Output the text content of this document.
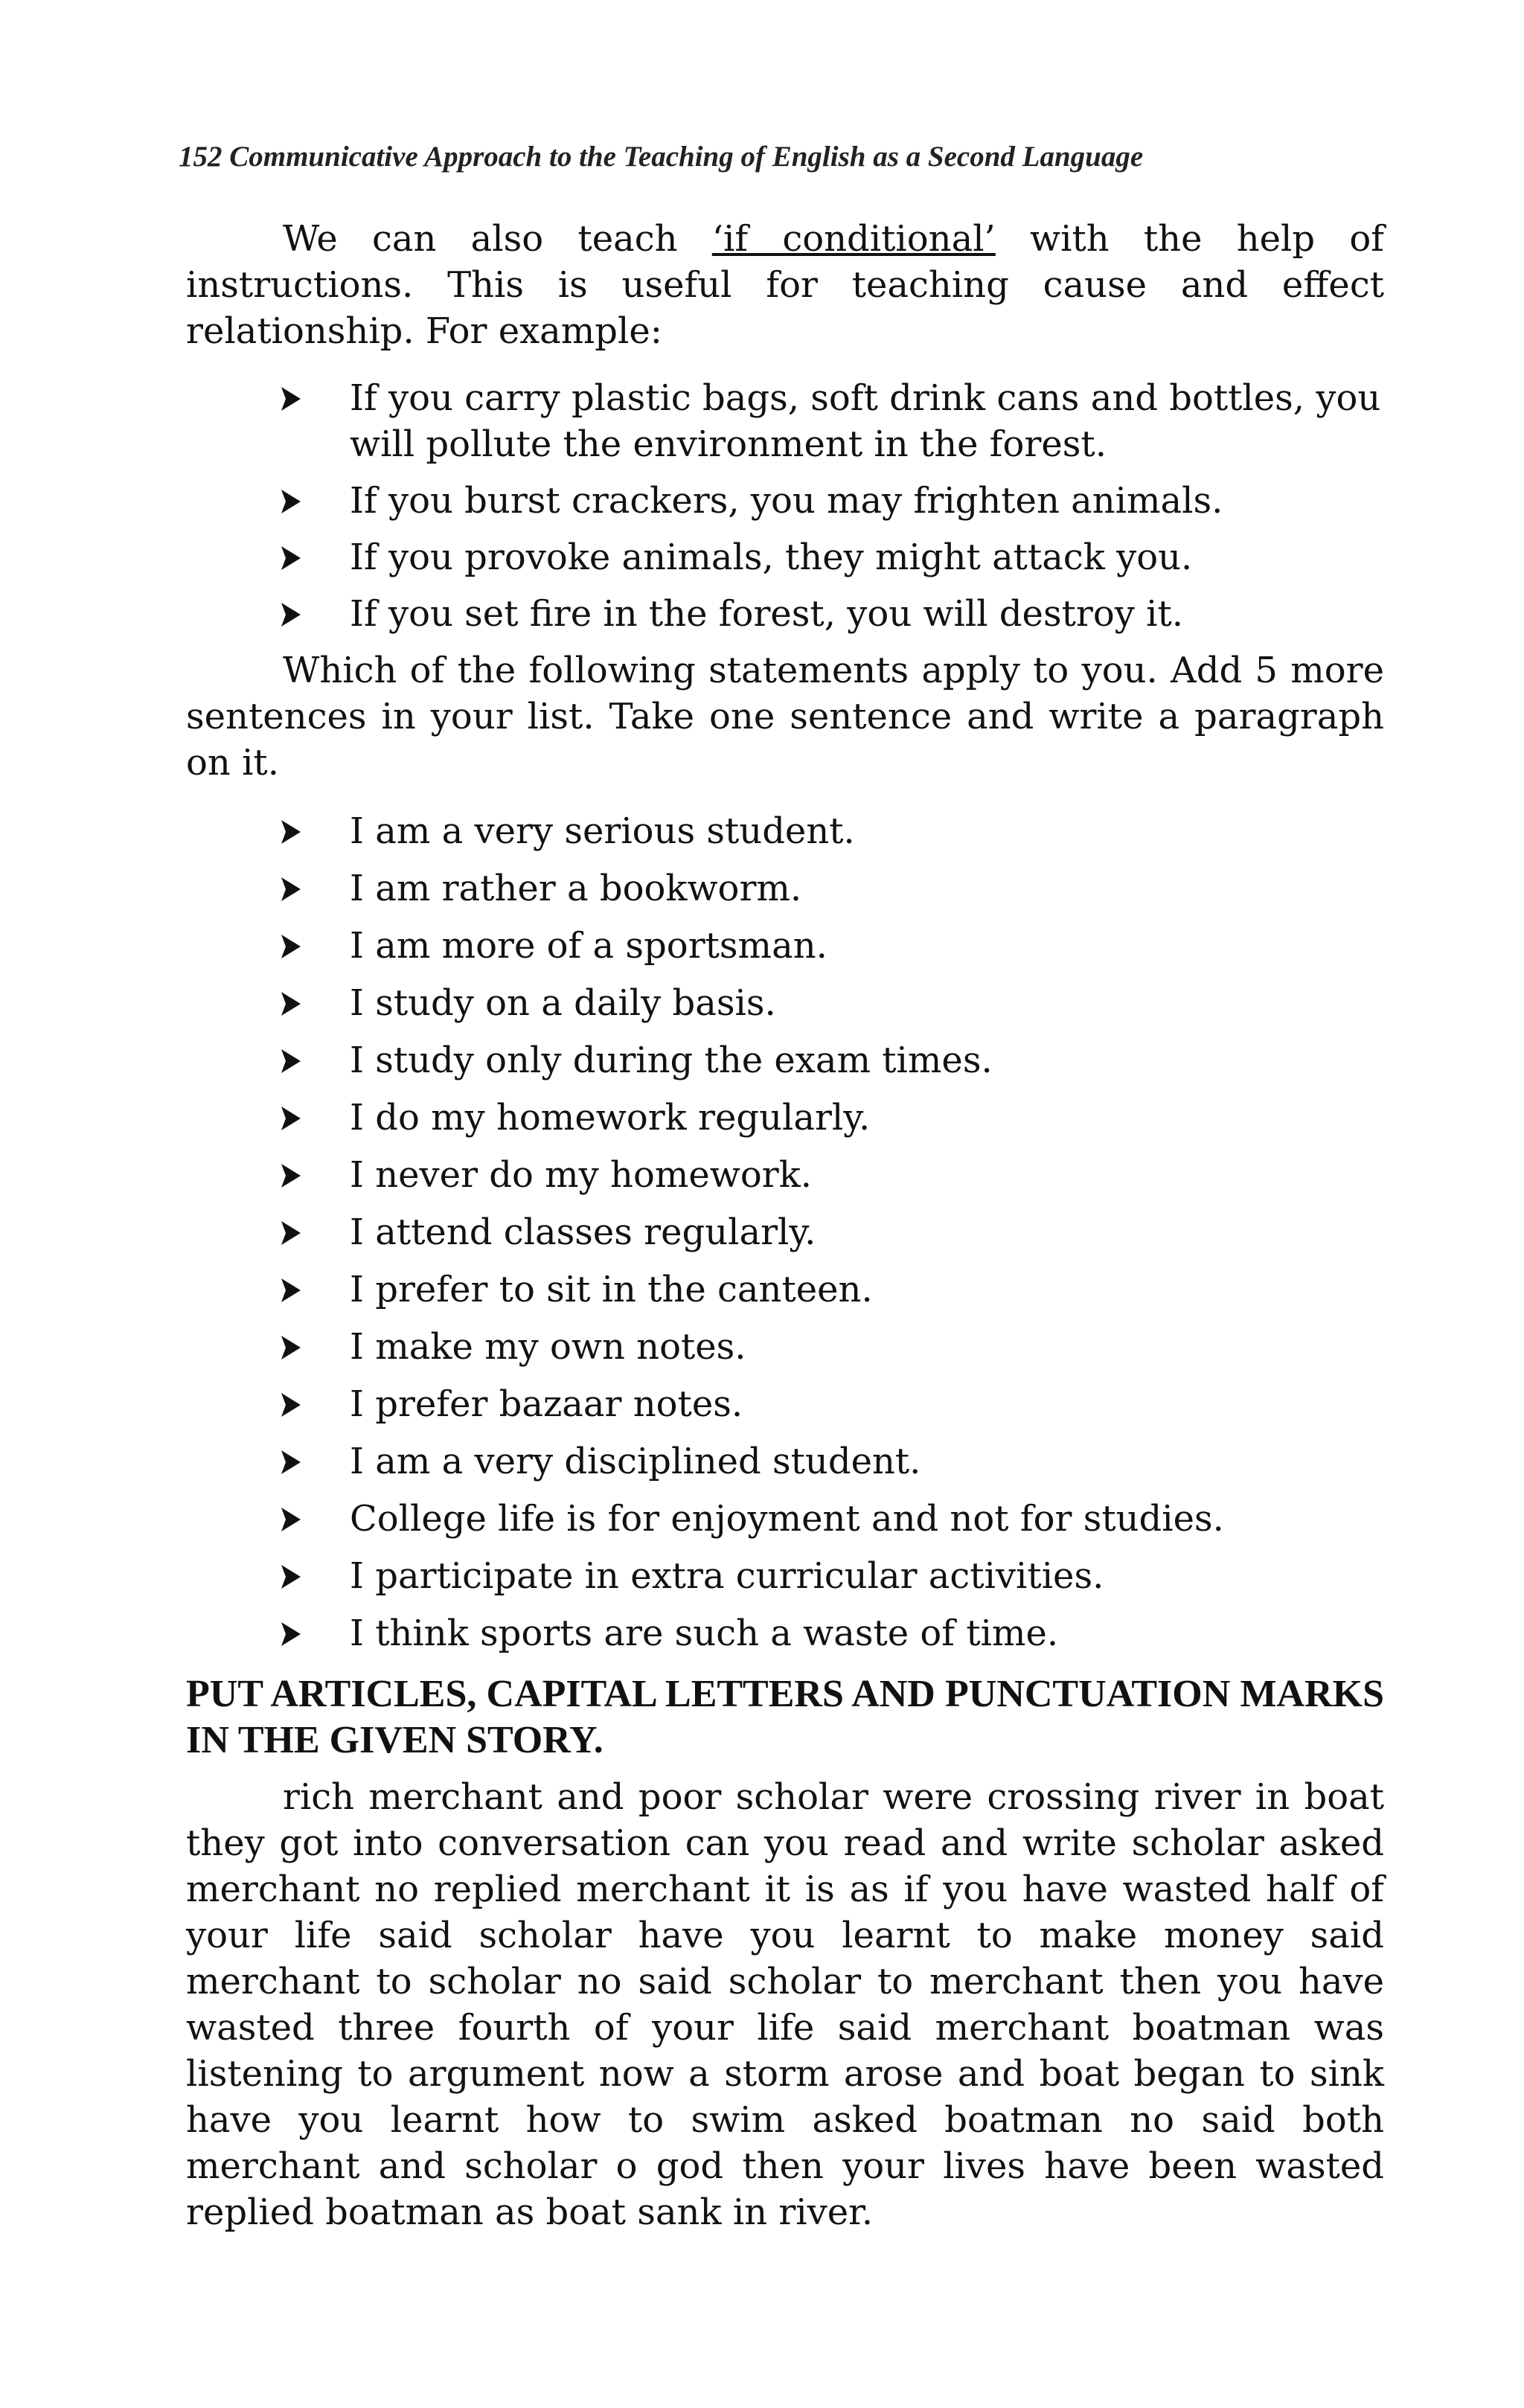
152 Communicative Approach to the Teaching of English as a Second Language

We can also teach ‘if conditional’ with the help of instructions. This is useful for teaching cause and effect relationship. For example:

If you carry plastic bags, soft drink cans and bottles, you will pollute the environment in the forest.
If you burst crackers, you may frighten animals.
If you provoke animals, they might attack you.
If you set fire in the forest, you will destroy it.

Which of the following statements apply to you. Add 5 more sentences in your list. Take one sentence and write a paragraph on it.

I am a very serious student.
I am rather a bookworm.
I am more of a sportsman.
I study on a daily basis.
I study only during the exam times.
I do my homework regularly.
I never do my homework.
I attend classes regularly.
I prefer to sit in the canteen.
I make my own notes.
I prefer bazaar notes.
I am a very disciplined student.
College life is for enjoyment and not for studies.
I participate in extra curricular activities.
I think sports are such a waste of time.
PUT ARTICLES, CAPITAL LETTERS AND PUNCTUATION MARKS IN THE GIVEN STORY.

rich merchant and poor scholar were crossing river in boat they got into conversation can you read and write scholar asked merchant no replied merchant it is as if you have wasted half of your life said scholar have you learnt to make money said merchant to scholar no said scholar to merchant then you have wasted three fourth of your life said merchant boatman was listening to argument now a storm arose and boat began to sink have you learnt how to swim asked boatman no said both merchant and scholar o god then your lives have been wasted replied boatman as boat sank in river.
